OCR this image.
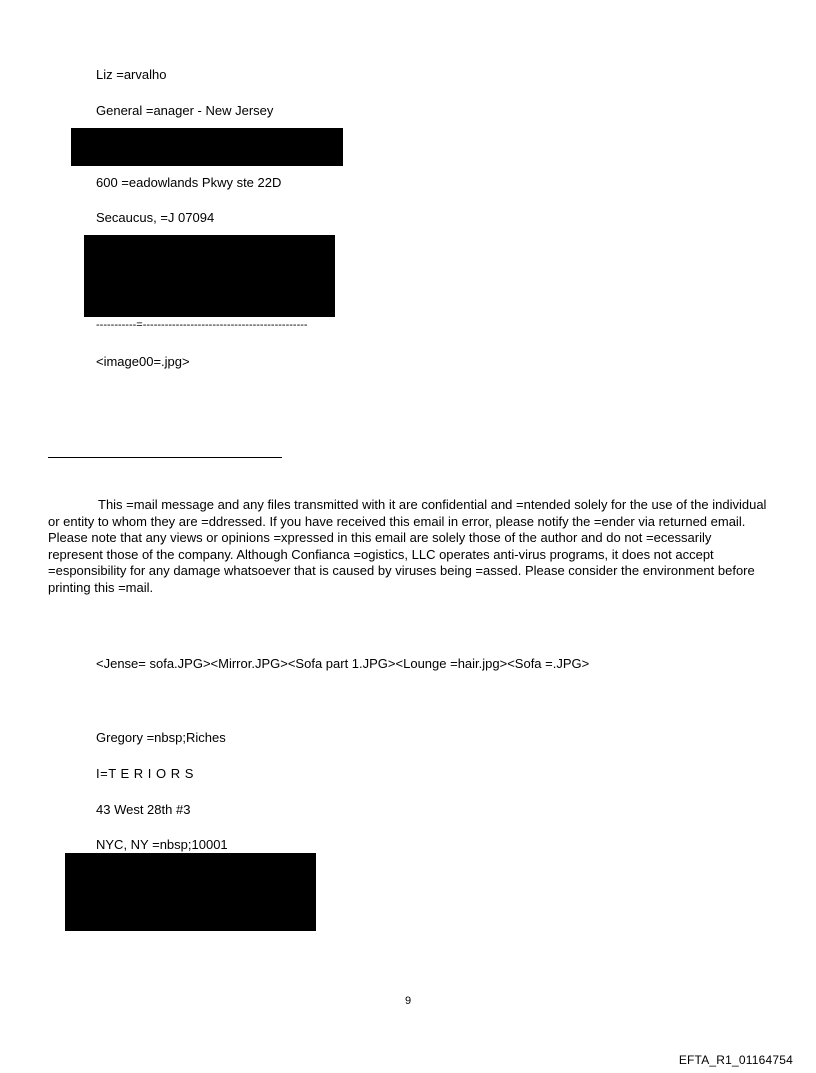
Liz =arvalho
General =anager - New Jersey
600 =eadowlands Pkwy ste 22D
Secaucus, =J 07094
-----------=---------------------------------------------
<image00=.jpg>
This =mail message and any files transmitted with it are confidential and =ntended solely for the use of the individual or entity to whom they are =ddressed. If you have received this email in error, please notify the =ender via returned email. Please note that any views or opinions =xpressed in this email are solely those of the author and do not =ecessarily represent those of the company. Although Confianca =ogistics, LLC operates anti-virus programs, it does not accept =esponsibility for any damage whatsoever that is caused by viruses being =assed. Please consider the environment before printing this =mail.
<Jense= sofa.JPG><Mirror.JPG><Sofa part 1.JPG><Lounge =hair.jpg><Sofa =.JPG>
Gregory =nbsp;Riches
I=T E R I O R S
43 West 28th #3
NYC, NY =nbsp;10001
9
EFTA_R1_01164754
